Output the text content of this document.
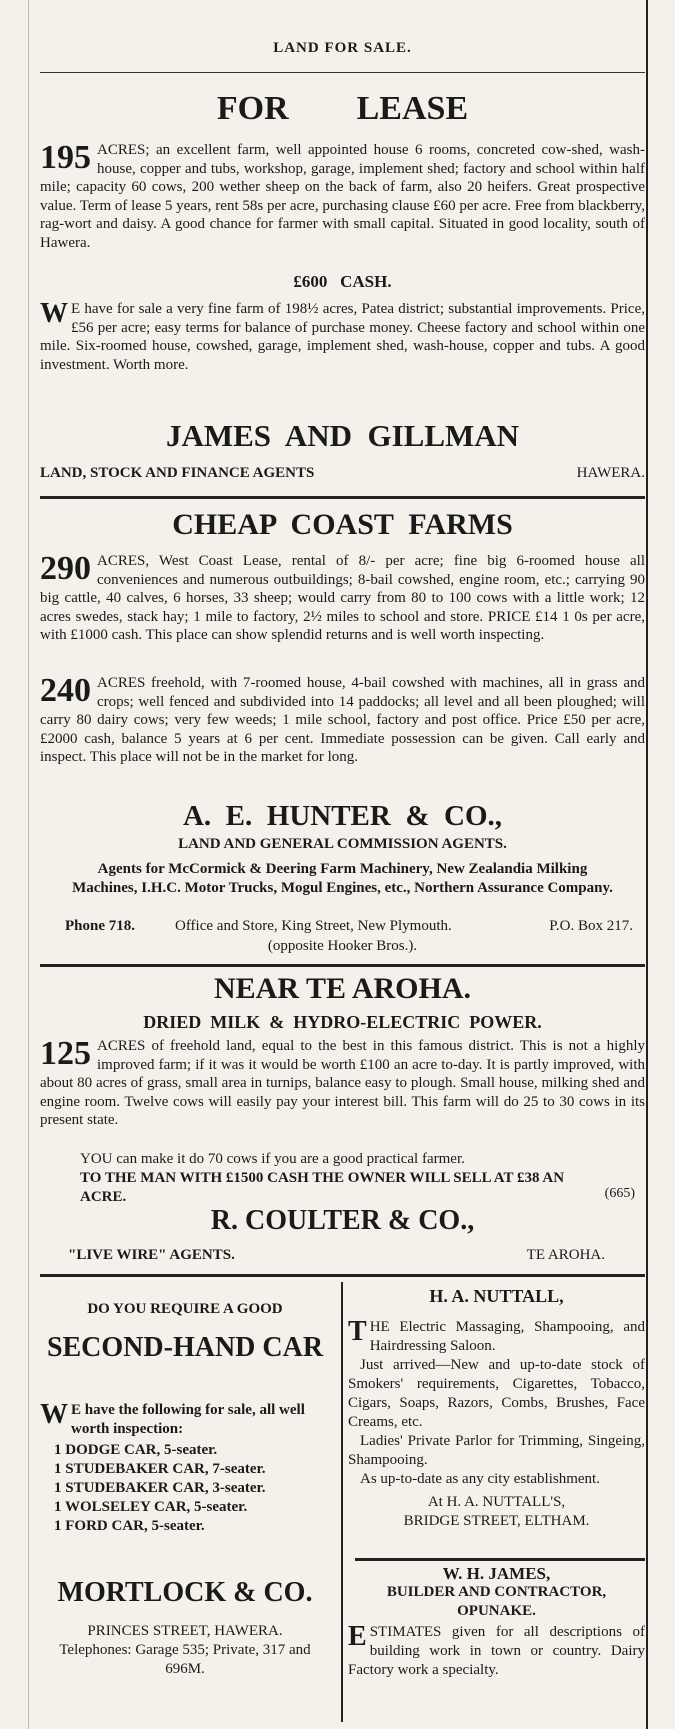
LAND FOR SALE.
FOR        LEASE
195 ACRES; an excellent farm, well appointed house 6 rooms, concreted cow-shed, wash-house, copper and tubs, workshop, garage, implement shed; factory and school within half mile; capacity 60 cows, 200 wether sheep on the back of farm, also 20 heifers. Great prospective value. Term of lease 5 years, rent 58s per acre, purchasing clause £60 per acre. Free from blackberry, rag-wort and daisy. A good chance for farmer with small capital. Situated in good locality, south of Hawera.
£600   CASH.
W E have for sale a very fine farm of 198½ acres, Patea district; substantial improvements. Price, £56 per acre; easy terms for balance of purchase money. Cheese factory and school within one mile. Six-roomed house, cowshed, garage, implement shed, wash-house, copper and tubs. A good investment. Worth more.
JAMES  AND  GILLMAN
LAND, STOCK AND FINANCE AGENTS	HAWERA.
CHEAP  COAST  FARMS
290 ACRES, West Coast Lease, rental of 8/- per acre; fine big 6-roomed house all conveniences and numerous outbuildings; 8-bail cowshed, engine room, etc.; carrying 90 big cattle, 40 calves, 6 horses, 33 sheep; would carry from 80 to 100 cows with a little work; 12 acres swedes, stack hay; 1 mile to factory, 2½ miles to school and store. PRICE £14 1 0s per acre, with £1000 cash. This place can show splendid returns and is well worth inspecting.
240 ACRES freehold, with 7-roomed house, 4-bail cowshed with machines, all in grass and crops; well fenced and subdivided into 14 paddocks; all level and all been ploughed; will carry 80 dairy cows; very few weeds; 1 mile school, factory and post office. Price £50 per acre, £2000 cash, balance 5 years at 6 per cent. Immediate possession can be given. Call early and inspect. This place will not be in the market for long.
A.  E.  HUNTER  &  CO.,
LAND AND GENERAL COMMISSION AGENTS.
Agents for McCormick & Deering Farm Machinery, New Zealandia Milking Machines, I.H.C. Motor Trucks, Mogul Engines, etc., Northern Assurance Company.
Phone 718.	Office and Store, King Street, New Plymouth.	P.O. Box 217.
(opposite Hooker Bros.).
NEAR TE AROHA.
DRIED  MILK  &  HYDRO-ELECTRIC  POWER.
125 ACRES of freehold land, equal to the best in this famous district. This is not a highly improved farm; if it was it would be worth £100 an acre to-day. It is partly improved, with about 80 acres of grass, small area in turnips, balance easy to plough. Small house, milking shed and engine room. Twelve cows will easily pay your interest bill. This farm will do 25 to 30 cows in its present state.
YOU can make it do 70 cows if you are a good practical farmer.
TO THE MAN WITH £1500 CASH THE OWNER WILL SELL AT £38 AN ACRE.	(665)
R. COULTER & CO.,
"LIVE WIRE" AGENTS.	TE AROHA.

DO YOU REQUIRE A GOOD

SECOND-HAND CAR

W E have the following for sale, all well worth inspection:
1 DODGE CAR, 5-seater.
1 STUDEBAKER CAR, 7-seater.
1 STUDEBAKER CAR, 3-seater.
1 WOLSELEY CAR, 5-seater.
1 FORD CAR, 5-seater.

MORTLOCK & CO.

PRINCES STREET, HAWERA.

Telephones: Garage 535; Private, 317 and 696M.

H. A. NUTTALL,

T HE Electric Massaging, Shampooing, and Hairdressing Saloon.

Just arrived—New and up-to-date stock of Smokers' requirements, Cigarettes, Tobacco, Cigars, Soaps, Razors, Combs, Brushes, Face Creams, etc.

Ladies' Private Parlor for Trimming, Singeing, Shampooing.

As up-to-date as any city establishment.

At H. A. NUTTALL'S,

BRIDGE STREET, ELTHAM.

W. H. JAMES,

BUILDER AND CONTRACTOR,

OPUNAKE.

E STIMATES given for all descriptions of building work in town or country. Dairy Factory work a specialty.
